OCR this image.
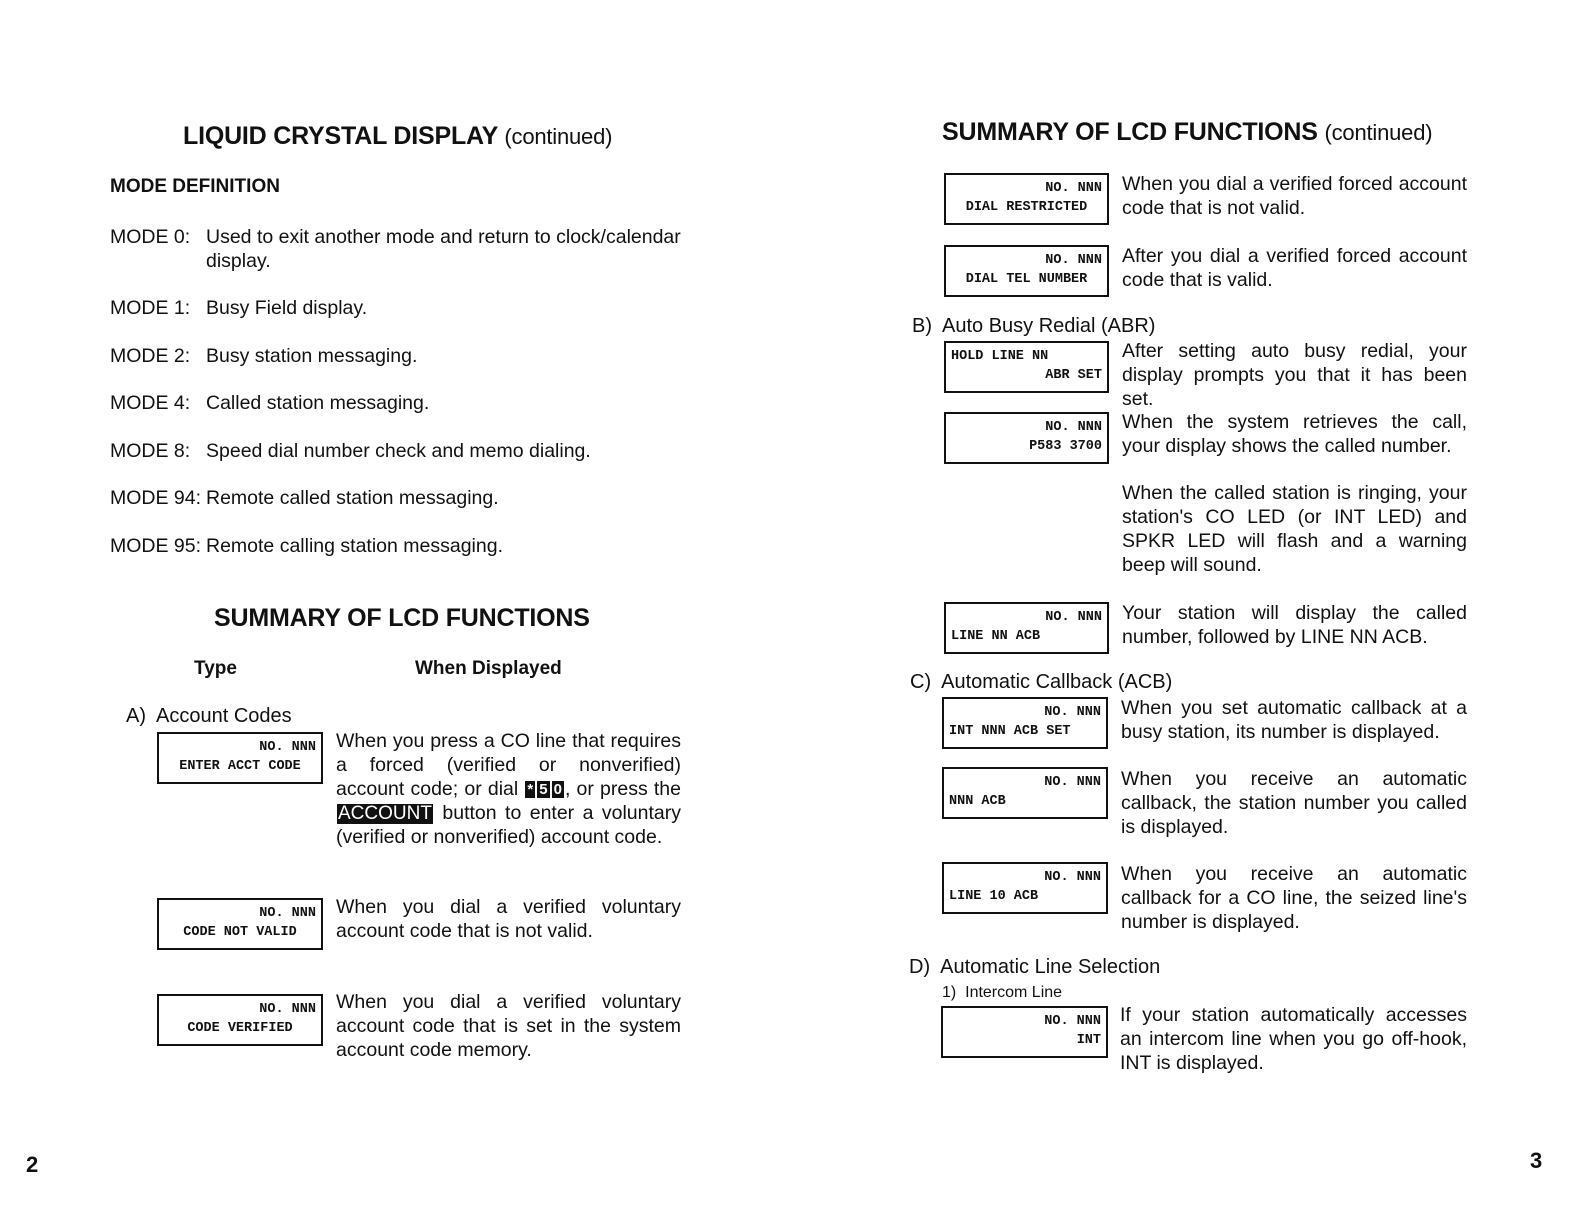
LIQUID CRYSTAL DISPLAY (continued)
MODE DEFINITION
MODE 0: Used to exit another mode and return to clock/calendar display.
MODE 1: Busy Field display.
MODE 2: Busy station messaging.
MODE 4: Called station messaging.
MODE 8: Speed dial number check and memo dialing.
MODE 94: Remote called station messaging.
MODE 95: Remote calling station messaging.
SUMMARY OF LCD FUNCTIONS
Type	When Displayed
A)  Account Codes
NO. NNN
ENTER ACCT CODE
When you press a CO line that requires a forced (verified or nonverified) account code; or dial * 5 0 , or press the ACCOUNT button to enter a voluntary (verified or nonverified) account code.
NO. NNN
CODE NOT VALID
When you dial a verified voluntary account code that is not valid.
NO. NNN
CODE VERIFIED
When you dial a verified voluntary account code that is set in the system account code memory.
2
SUMMARY OF LCD FUNCTIONS (continued)
NO. NNN
DIAL RESTRICTED
When you dial a verified forced account code that is not valid.
NO. NNN
DIAL TEL NUMBER
After you dial a verified forced account code that is valid.
B)  Auto Busy Redial (ABR)
HOLD LINE NN
ABR SET
After setting auto busy redial, your display prompts you that it has been set.
NO. NNN
P583 3700
When the system retrieves the call, your display shows the called number.
When the called station is ringing, your station's CO LED (or INT LED) and SPKR LED will flash and a warning beep will sound.
NO. NNN
LINE NN ACB
Your station will display the called number, followed by LINE NN ACB.
C)  Automatic Callback (ACB)
NO. NNN
INT NNN ACB SET
When you set automatic callback at a busy station, its number is displayed.
NO. NNN
NNN ACB
When you receive an automatic callback, the station number you called is displayed.
NO. NNN
LINE 10 ACB
When you receive an automatic callback for a CO line, the seized line's number is displayed.
D)  Automatic Line Selection
1)  Intercom Line
NO. NNN
INT
If your station automatically accesses an intercom line when you go off-hook, INT is displayed.
3
